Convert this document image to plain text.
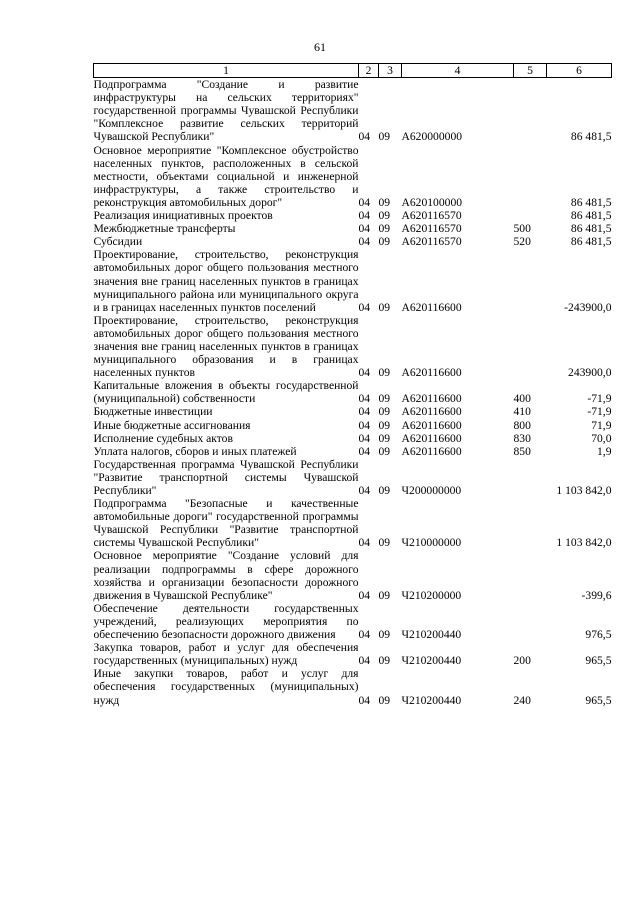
61
1	2	3	4	5	6
Подпрограмма "Создание и развитие инфраструктуры на сельских территориях" государственной программы Чувашской Республики "Комплексное развитие сельских территорий Чувашской Республики"	04	09	А620000000		86 481,5
Основное мероприятие "Комплексное обустройство населенных пунктов, расположенных в сельской местности, объектами социальной и инженерной инфраструктуры, а также строительство и реконструкция автомобильных дорог"	04	09	А620100000		86 481,5
Реализация инициативных проектов	04	09	А620116570		86 481,5
Межбюджетные трансферты	04	09	А620116570	500	86 481,5
Субсидии	04	09	А620116570	520	86 481,5
Проектирование, строительство, реконструкция автомобильных дорог общего пользования местного значения вне границ населенных пунктов в границах муниципального района или муниципального округа и в границах населенных пунктов поселений	04	09	А620116600		-243900,0
Проектирование, строительство, реконструкция автомобильных дорог общего пользования местного значения вне границ населенных пунктов в границах муниципального образования и в границах населенных пунктов	04	09	А620116600		243900,0
Капитальные вложения в объекты государственной (муниципальной) собственности	04	09	А620116600	400	-71,9
Бюджетные инвестиции	04	09	А620116600	410	-71,9
Иные бюджетные ассигнования	04	09	А620116600	800	71,9
Исполнение судебных актов	04	09	А620116600	830	70,0
Уплата налогов, сборов и иных платежей	04	09	А620116600	850	1,9
Государственная программа Чувашской Республики "Развитие транспортной системы Чувашской Республики"	04	09	Ч200000000		1 103 842,0
Подпрограмма "Безопасные и качественные автомобильные дороги" государственной программы Чувашской Республики "Развитие транспортной системы Чувашской Республики"	04	09	Ч210000000		1 103 842,0
Основное мероприятие "Создание условий для реализации подпрограммы в сфере дорожного хозяйства и организации безопасности дорожного движения в Чувашской Республике"	04	09	Ч210200000		-399,6
Обеспечение деятельности государственных учреждений, реализующих мероприятия по обеспечению безопасности дорожного движения	04	09	Ч210200440		976,5
Закупка товаров, работ и услуг для обеспечения государственных (муниципальных) нужд	04	09	Ч210200440	200	965,5
Иные закупки товаров, работ и услуг для обеспечения государственных (муниципальных) нужд	04	09	Ч210200440	240	965,5
